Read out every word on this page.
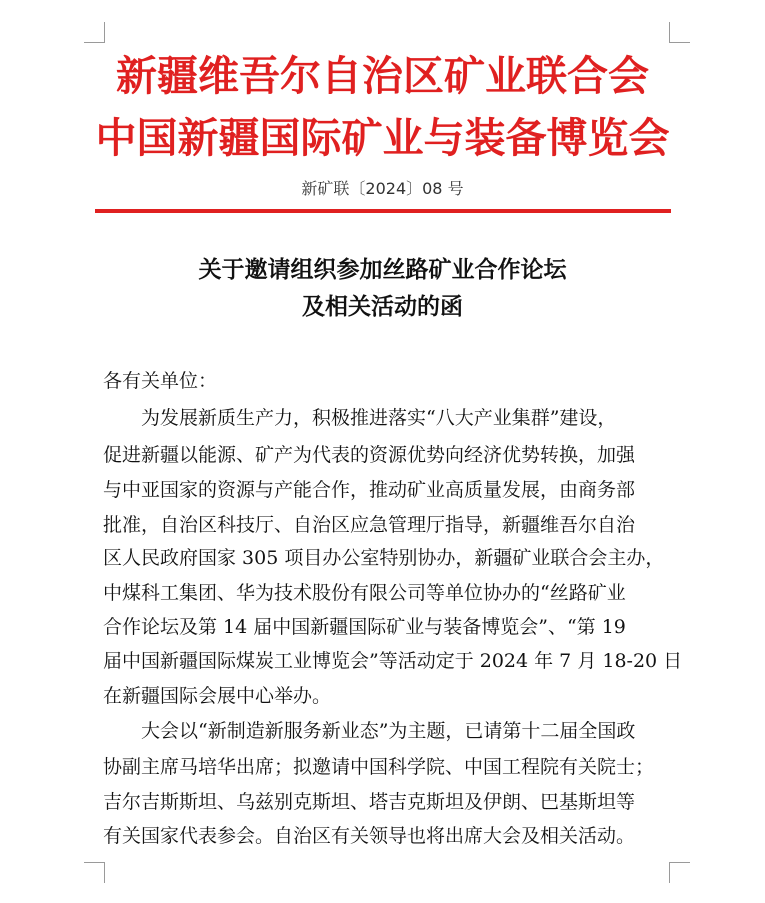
新疆维吾尔自治区矿业联合会
中国新疆国际矿业与装备博览会
新矿联〔2024〕08 号
关于邀请组织参加丝路矿业合作论坛
及相关活动的函
各有关单位：
　　为发展新质生产力，积极推进落实“八大产业集群”建设，
促进新疆以能源、矿产为代表的资源优势向经济优势转换，加强
与中亚国家的资源与产能合作，推动矿业高质量发展，由商务部
批准，自治区科技厅、自治区应急管理厅指导，新疆维吾尔自治
区人民政府国家 305 项目办公室特别协办，新疆矿业联合会主办，
中煤科工集团、华为技术股份有限公司等单位协办的“丝路矿业
合作论坛及第 14 届中国新疆国际矿业与装备博览会”、“第 19
届中国新疆国际煤炭工业博览会”等活动定于 2024 年 7 月 18-20 日
在新疆国际会展中心举办。
　　大会以“新制造新服务新业态”为主题，已请第十二届全国政
协副主席马培华出席；拟邀请中国科学院、中国工程院有关院士；
吉尔吉斯斯坦、乌兹别克斯坦、塔吉克斯坦及伊朗、巴基斯坦等
有关国家代表参会。自治区有关领导也将出席大会及相关活动。
